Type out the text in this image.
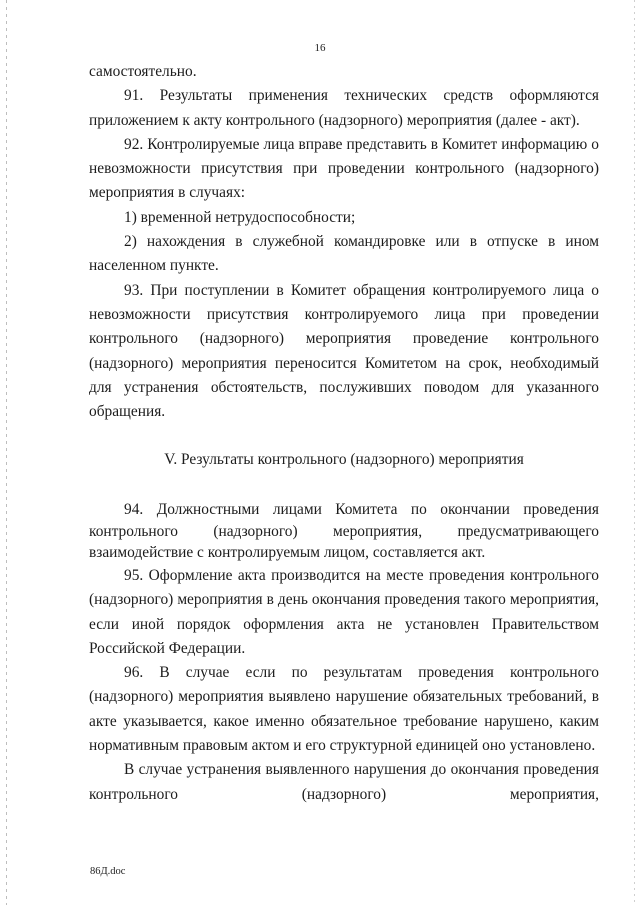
16

самостоятельно.

91. Результаты применения технических средств оформляются приложением к акту контрольного (надзорного) мероприятия (далее - акт).

92. Контролируемые лица вправе представить в Комитет информацию о невозможности присутствия при проведении контрольного (надзорного) мероприятия в случаях:

1) временной нетрудоспособности;

2) нахождения в служебной командировке или в отпуске в ином населенном пункте.

93. При поступлении в Комитет обращения контролируемого лица о невозможности присутствия контролируемого лица при проведении контрольного (надзорного) мероприятия проведение контрольного (надзорного) мероприятия переносится Комитетом на срок, необходимый для устранения обстоятельств, послуживших поводом для указанного обращения.

V. Результаты контрольного (надзорного) мероприятия

94. Должностными лицами Комитета по окончании проведения контрольного (надзорного) мероприятия, предусматривающего взаимодействие с контролируемым лицом, составляется акт.

95. Оформление акта производится на месте проведения контрольного (надзорного) мероприятия в день окончания проведения такого мероприятия, если иной порядок оформления акта не установлен Правительством Российской Федерации.

96. В случае если по результатам проведения контрольного (надзорного) мероприятия выявлено нарушение обязательных требований, в акте указывается, какое именно обязательное требование нарушено, каким нормативным правовым актом и его структурной единицей оно установлено.

В случае устранения выявленного нарушения до окончания проведения контрольного (надзорного) мероприятия,

86Д.doc
